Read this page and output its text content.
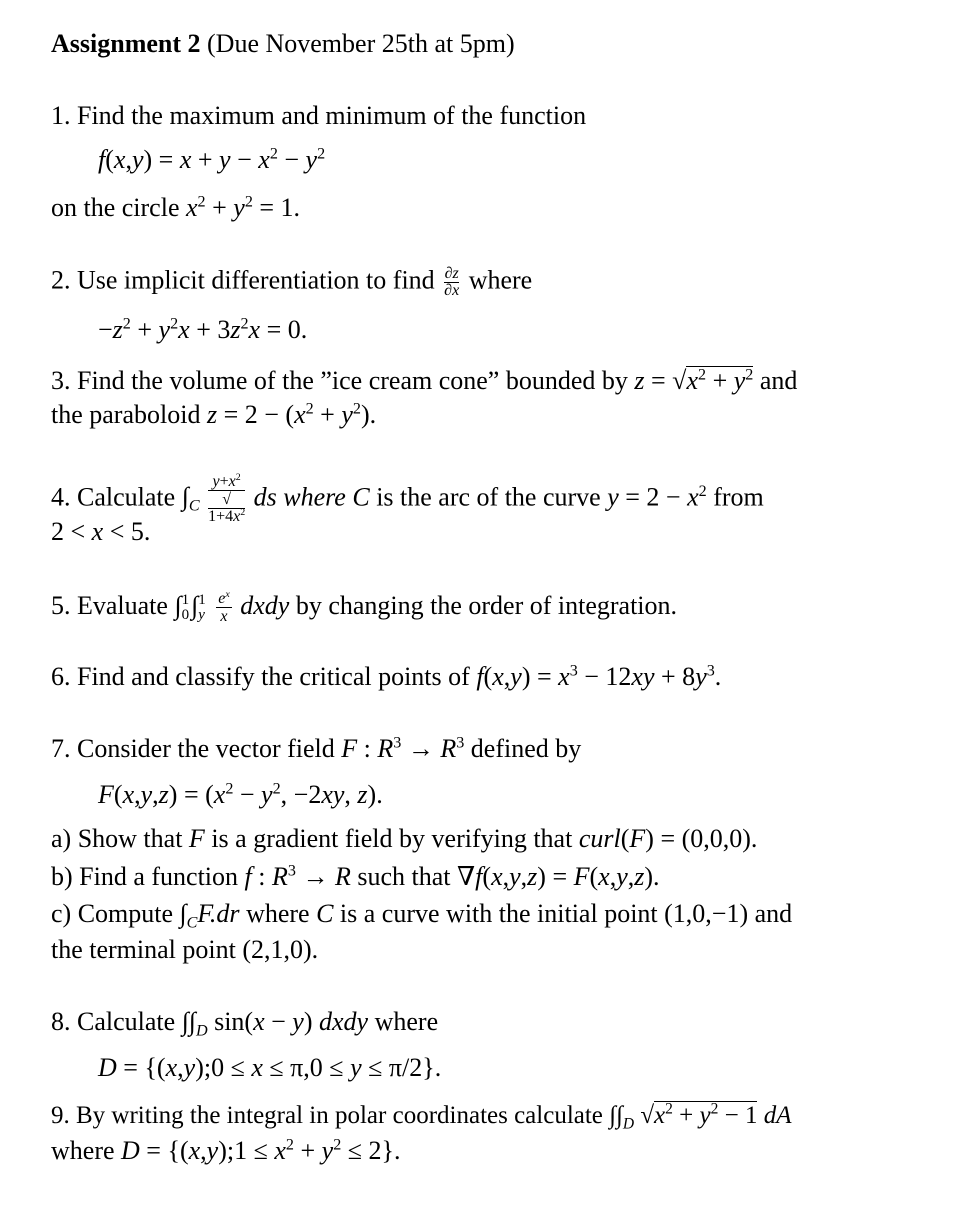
Assignment 2 (Due November 25th at 5pm)
1. Find the maximum and minimum of the function
$f(x,y) = x + y - x^2 - y^2$
on the circle $x^2 + y^2 = 1$.
2. Use implicit differentiation to find $\frac{\partial z}{\partial x}$ where
$-z^2 + y^2x + 3z^2x = 0$.
3. Find the volume of the ”ice cream cone” bounded by $z = √x^2 + y^2$ and
the paraboloid $z = 2 - (x^2 + y^2)$.
4. Calculate $\int_C$ $y+x^2$
√
$1+4x^2$ ds where C is the arc of the curve $y = 2 - x^2$ from
2 < x < 5.
5. Evaluate ∫ 1
0 ∫ 1
y
$\frac{e^x}{x}$ dxdy by changing the order of integration.
6. Find and classify the critical points of $f(x,y) = x^3 - 12xy + 8y^3$.
7. Consider the vector field F : $R^3 \to R^3$ defined by
$F(x,y,z) = (x^2 - y^2$, −2xy, z).
a) Show that F is a gradient field by verifying that curl(F) = (0,0,0).
b) Find a function f : $R^3 \to R$ such that ∇f(x,y,z) = F(x,y,z).
c) Compute $\int_CF.dr$ where C is a curve with the initial point (1,0,−1) and
the terminal point (2,1,0).
8. Calculate $\int\int_D$ sin(x − y) dxdy where
D = {(x,y);0 ≤ x ≤ π,0 ≤ y ≤ π/2}.
9. By writing the integral in polar coordinates calculate $\int\int_D$ $√x^2 + y^2 - 1$ dA
where D = {(x,y);1 ≤ $x^2 + y^2 \le 2$}.
